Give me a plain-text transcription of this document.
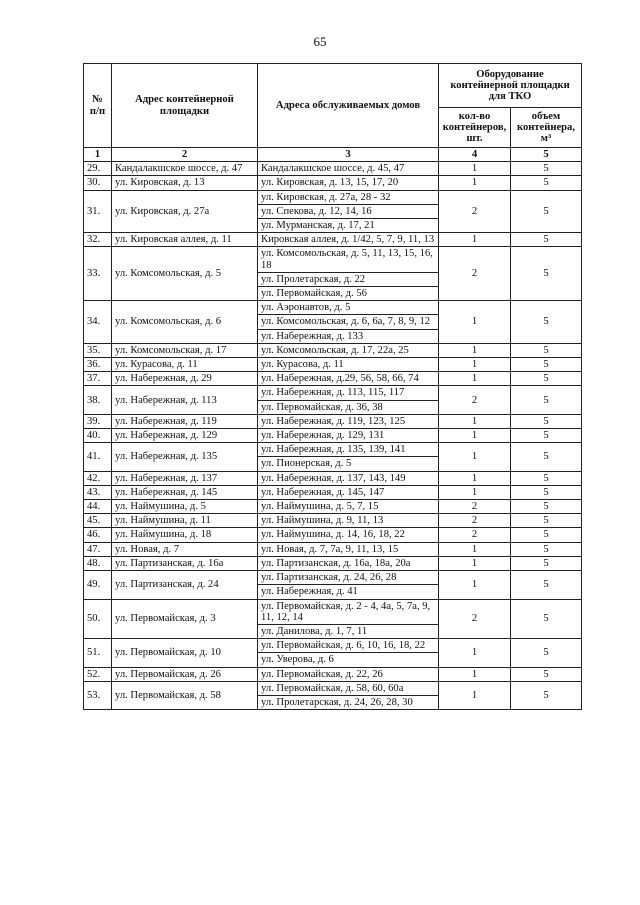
65
№ п/п	Адрес контейнерной площадки	Адреса обслуживаемых домов	Оборудование контейнерной площадки для ТКО	
			кол-во контейнеров, шт.	объем контейнера, м³
1	2	3	4	5
29.	Кандалакшское шоссе, д. 47	Кандалакшское шоссе, д. 45, 47	1	5
30.	ул. Кировская, д. 13	ул. Кировская, д. 13, 15, 17, 20	1	5
31.	ул. Кировская, д. 27а	ул. Кировская, д. 27а, 28 - 32	2	5
		ул. Спекова, д. 12, 14, 16		
		ул. Мурманская, д. 17, 21		
32.	ул. Кировская аллея, д. 11	Кировская аллея, д. 1/42, 5, 7, 9, 11, 13	1	5
33.	ул. Комсомольская, д. 5	ул. Комсомольская, д. 5, 11, 13, 15, 16, 18	2	5
		ул. Пролетарская, д. 22		
		ул. Первомайская, д. 56		
34.	ул. Комсомольская, д. 6	ул. Аэронавтов, д. 5	1	5
		ул. Комсомольская, д. 6, 6а, 7, 8, 9, 12		
		ул. Набережная, д. 133		
35.	ул. Комсомольская, д. 17	ул. Комсомольская, д. 17, 22а, 25	1	5
36.	ул. Курасова, д. 11	ул. Курасова, д. 11	1	5
37.	ул. Набережная, д. 29	ул. Набережная, д.29, 56, 58, 66, 74	1	5
38.	ул. Набережная, д. 113	ул. Набережная, д. 113, 115, 117	2	5
		ул. Первомайская, д. 36, 38		
39.	ул. Набережная, д. 119	ул. Набережная, д. 119, 123, 125	1	5
40.	ул. Набережная, д. 129	ул. Набережная, д. 129, 131	1	5
41.	ул. Набережная, д. 135	ул. Набережная, д. 135, 139, 141	1	5
		ул. Пионерская, д. 5		
42.	ул. Набережная, д. 137	ул. Набережная, д. 137, 143, 149	1	5
43.	ул. Набережная, д. 145	ул. Набережная, д. 145, 147	1	5
44.	ул. Наймушина, д. 5	ул. Наймушина, д. 5, 7, 15	2	5
45.	ул. Наймушина, д. 11	ул. Наймушина, д. 9, 11, 13	2	5
46.	ул. Наймушина, д. 18	ул. Наймушина, д. 14, 16, 18, 22	2	5
47.	ул. Новая, д. 7	ул. Новая, д. 7, 7а, 9, 11, 13, 15	1	5
48.	ул. Партизанская, д. 16а	ул. Партизанская, д. 16а, 18а, 20а	1	5
49.	ул. Партизанская, д. 24	ул. Партизанская, д. 24, 26, 28	1	5
		ул. Набережная, д. 41		
50.	ул. Первомайская, д. 3	ул. Первомайская, д. 2 - 4, 4а, 5, 7а, 9, 11, 12, 14	2	5
		ул. Данилова, д. 1, 7, 11		
51.	ул. Первомайская, д. 10	ул. Первомайская, д. 6, 10, 16, 18, 22	1	5
		ул. Уверова, д. 6		
52.	ул. Первомайская, д. 26	ул. Первомайская, д. 22, 26	1	5
53.	ул. Первомайская, д. 58	ул. Первомайская, д. 58, 60, 60а	1	5
		ул. Пролетарская, д. 24, 26, 28, 30		
